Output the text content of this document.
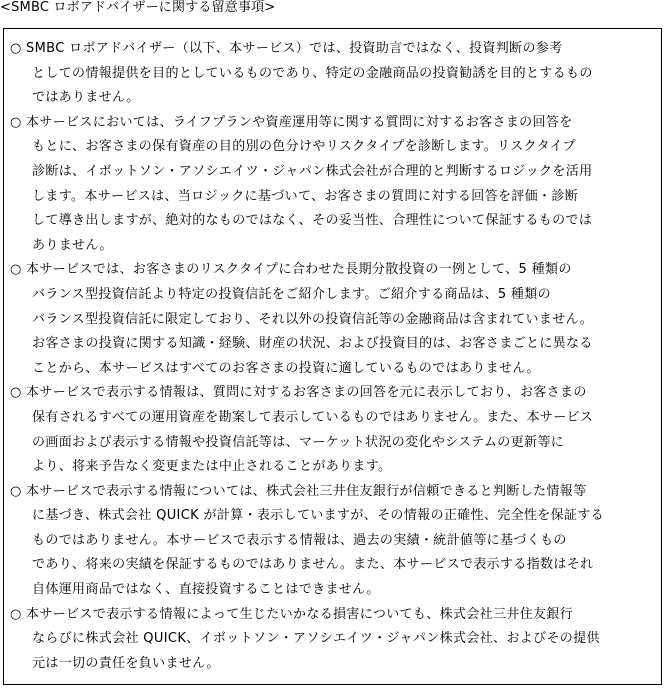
<SMBC ロボアドバイザーに関する留意事項>
○ SMBC ロボアドバイザー（以下、本サービス）では、投資助言ではなく、投資判断の参考
としての情報提供を目的としているものであり、特定の金融商品の投資勧誘を目的とするもの
ではありません。
○ 本サービスにおいては、ライフプランや資産運用等に関する質問に対するお客さまの回答を
もとに、お客さまの保有資産の目的別の色分けやリスクタイプを診断します。リスクタイプ
診断は、イボットソン・アソシエイツ・ジャパン株式会社が合理的と判断するロジックを活用
します。本サービスは、当ロジックに基づいて、お客さまの質問に対する回答を評価・診断
して導き出しますが、絶対的なものではなく、その妥当性、合理性について保証するものでは
ありません。
○ 本サービスでは、お客さまのリスクタイプに合わせた長期分散投資の一例として、5 種類の
バランス型投資信託より特定の投資信託をご紹介します。ご紹介する商品は、5 種類の
バランス型投資信託に限定しており、それ以外の投資信託等の金融商品は含まれていません。
お客さまの投資に関する知識・経験、財産の状況、および投資目的は、お客さまごとに異なる
ことから、本サービスはすべてのお客さまの投資に適しているものではありません。
○ 本サービスで表示する情報は、質問に対するお客さまの回答を元に表示しており、お客さまの
保有されるすべての運用資産を勘案して表示しているものではありません。また、本サービス
の画面および表示する情報や投資信託等は、マーケット状況の変化やシステムの更新等に
より、将来予告なく変更または中止されることがあります。
○ 本サービスで表示する情報については、株式会社三井住友銀行が信頼できると判断した情報等
に基づき、株式会社 QUICK が計算・表示していますが、その情報の正確性、完全性を保証する
ものではありません。本サービスで表示する情報は、過去の実績・統計値等に基づくもの
であり、将来の実績を保証するものではありません。また、本サービスで表示する指数はそれ
自体運用商品ではなく、直接投資することはできません。
○ 本サービスで表示する情報によって生じたいかなる損害についても、株式会社三井住友銀行
ならびに株式会社 QUICK、イボットソン・アソシエイツ・ジャパン株式会社、およびその提供
元は一切の責任を負いません。
